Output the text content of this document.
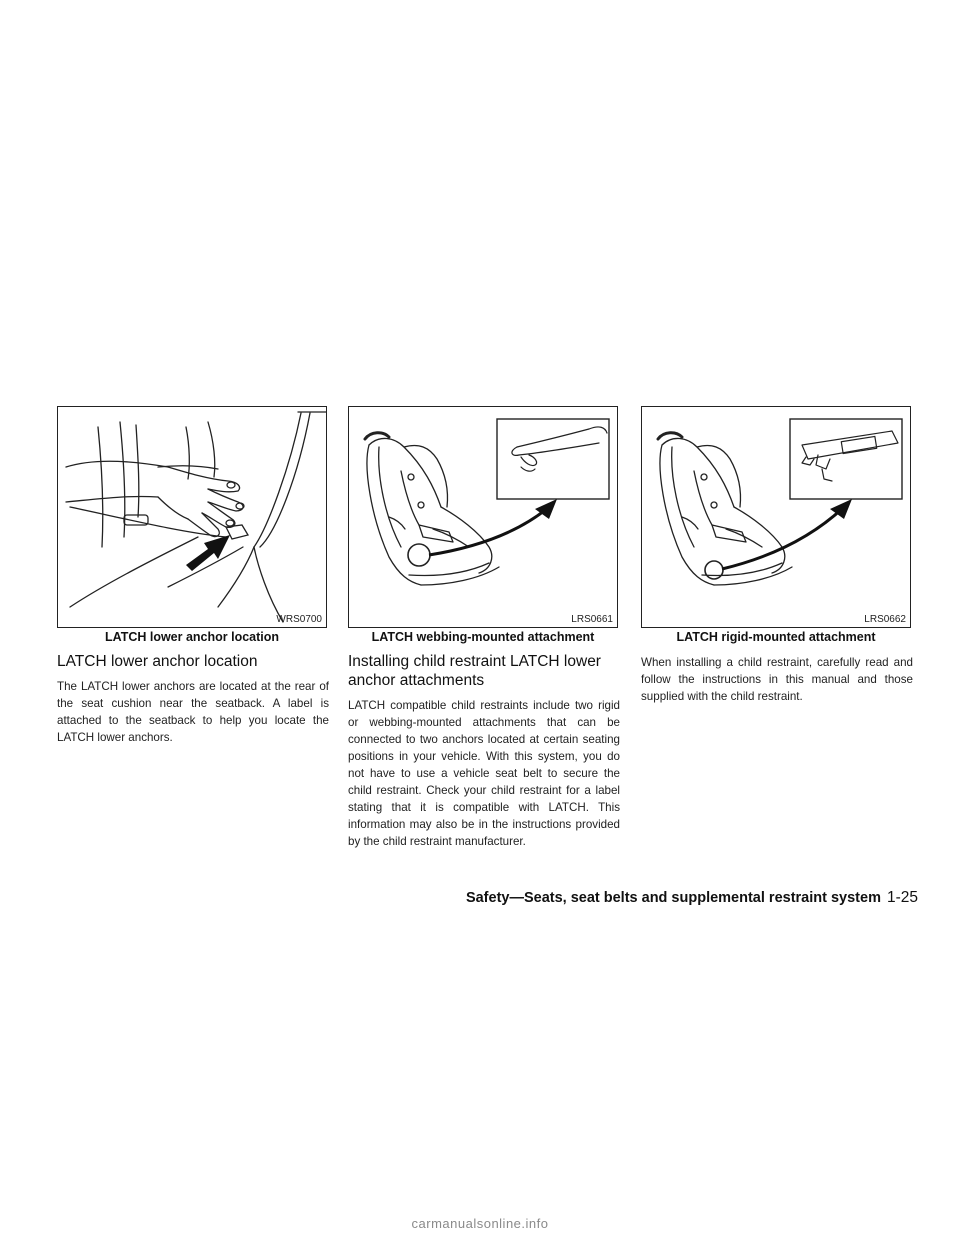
WRS0700
LATCH lower anchor location
LATCH lower anchor location

The LATCH lower anchors are located at the rear of the seat cushion near the seatback. A label is attached to the seatback to help you locate the LATCH lower anchors.

LRS0661
LATCH webbing-mounted attachment
Installing child restraint LATCH lower anchor attachments

LATCH compatible child restraints include two rigid or webbing-mounted attachments that can be connected to two anchors located at certain seating positions in your vehicle. With this system, you do not have to use a vehicle seat belt to secure the child restraint. Check your child restraint for a label stating that it is compatible with LATCH. This information may also be in the instructions provided by the child restraint manufacturer.

LRS0662
LATCH rigid-mounted attachment

When installing a child restraint, carefully read and follow the instructions in this manual and those supplied with the child restraint.

Safety—Seats, seat belts and supplemental restraint system 1-25
carmanualsonline.info
